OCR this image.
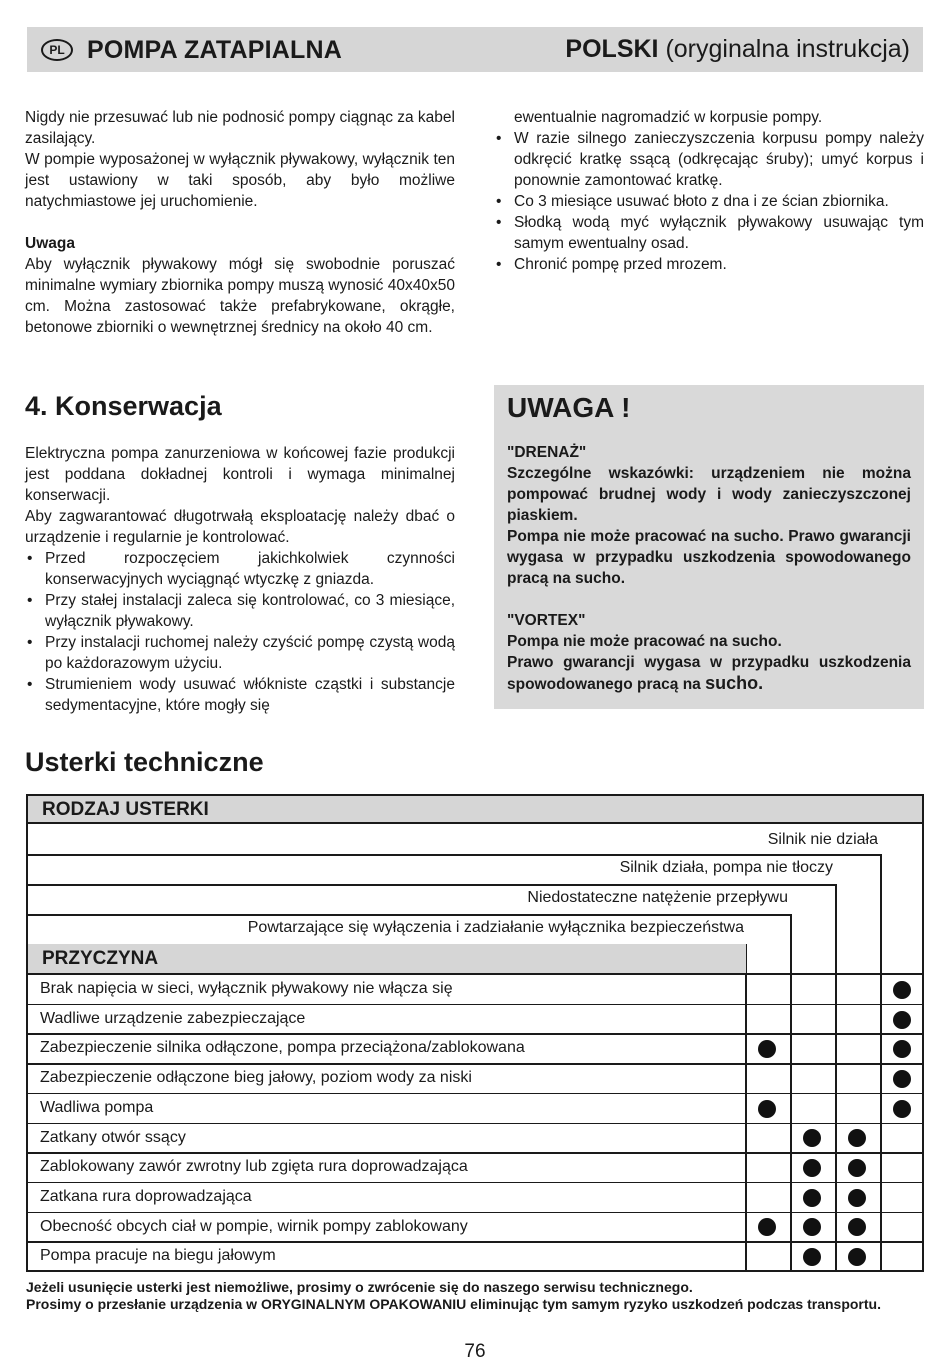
PL POMPA ZATAPIALNA	POLSKI (oryginalna instrukcja)

Nigdy nie przesuwać lub nie podnosić pompy ciągnąc za kabel zasilający.

W pompie wyposażonej w wyłącznik pływakowy, wyłącznik ten jest ustawiony w taki sposób, aby było możliwe natychmiastowe jej uruchomienie.

Uwaga

Aby wyłącznik pływakowy mógł się swobodnie poruszać minimalne wymiary zbiornika pompy muszą wynosić 40x40x50 cm. Można zastosować także prefabrykowane, okrągłe, betonowe zbiorniki o wewnętrznej średnicy na około 40 cm.

ewentualnie nagromadzić w korpusie pompy.

• W razie silnego zanieczyszczenia korpusu pompy należy odkręcić kratkę ssącą (odkręcając śruby); umyć korpus i ponownie zamontować kratkę.
• Co 3 miesiące usuwać błoto z dna i ze ścian zbiornika.
• Słodką wodą myć wyłącznik pływakowy usuwając tym samym ewentualny osad.
• Chronić pompę przed mrozem.
4. Konserwacja

Elektryczna pompa zanurzeniowa w końcowej fazie produkcji jest poddana dokładnej kontroli i wymaga minimalnej konserwacji.

Aby zagwarantować długotrwałą eksploatację należy dbać o urządzenie i regularnie je kontrolować.

• Przed rozpoczęciem jakichkolwiek czynności konserwacyjnych wyciągnąć wtyczkę z gniazda.
• Przy stałej instalacji zaleca się kontrolować, co 3 miesiące, wyłącznik pływakowy.
• Przy instalacji ruchomej należy czyścić pompę czystą wodą po każdorazowym użyciu.
• Strumieniem wody usuwać włókniste cząstki i substancje sedymentacyjne, które mogły się
UWAGA !

"DRENAŻ"

Szczególne wskazówki: urządzeniem nie można pompować brudnej wody i wody zanieczyszczonej piaskiem.

Pompa nie może pracować na sucho. Prawo gwarancji wygasa w przypadku uszkodzenia spowodowanego pracą na sucho.

"VORTEX"

Pompa nie może pracować na sucho.

Prawo gwarancji wygasa w przypadku uszkodzenia spowodowanego pracą na sucho.

Usterki techniczne
RODZAJ USTERKI
Silnik nie działa
Silnik działa, pompa nie tłoczy
Niedostateczne natężenie przepływu
Powtarzające się wyłączenia i zadziałanie wyłącznika bezpieczeństwa
PRZYCZYNA
Brak napięcia w sieci, wyłącznik pływakowy nie włącza się
Wadliwe urządzenie zabezpieczające
Zabezpieczenie silnika odłączone, pompa przeciążona/zablokowana
Zabezpieczenie odłączone bieg jałowy, poziom wody za niski
Wadliwa pompa
Zatkany otwór ssący
Zablokowany zawór zwrotny lub zgięta rura doprowadzająca
Zatkana rura doprowadzająca
Obecność obcych ciał w pompie, wirnik pompy zablokowany
Pompa pracuje na biegu jałowym
Jeżeli usunięcie usterki jest niemożliwe, prosimy o zwrócenie się do naszego serwisu technicznego.
Prosimy o przesłanie urządzenia w ORYGINALNYM OPAKOWANIU eliminując tym samym ryzyko uszkodzeń podczas transportu.
76
